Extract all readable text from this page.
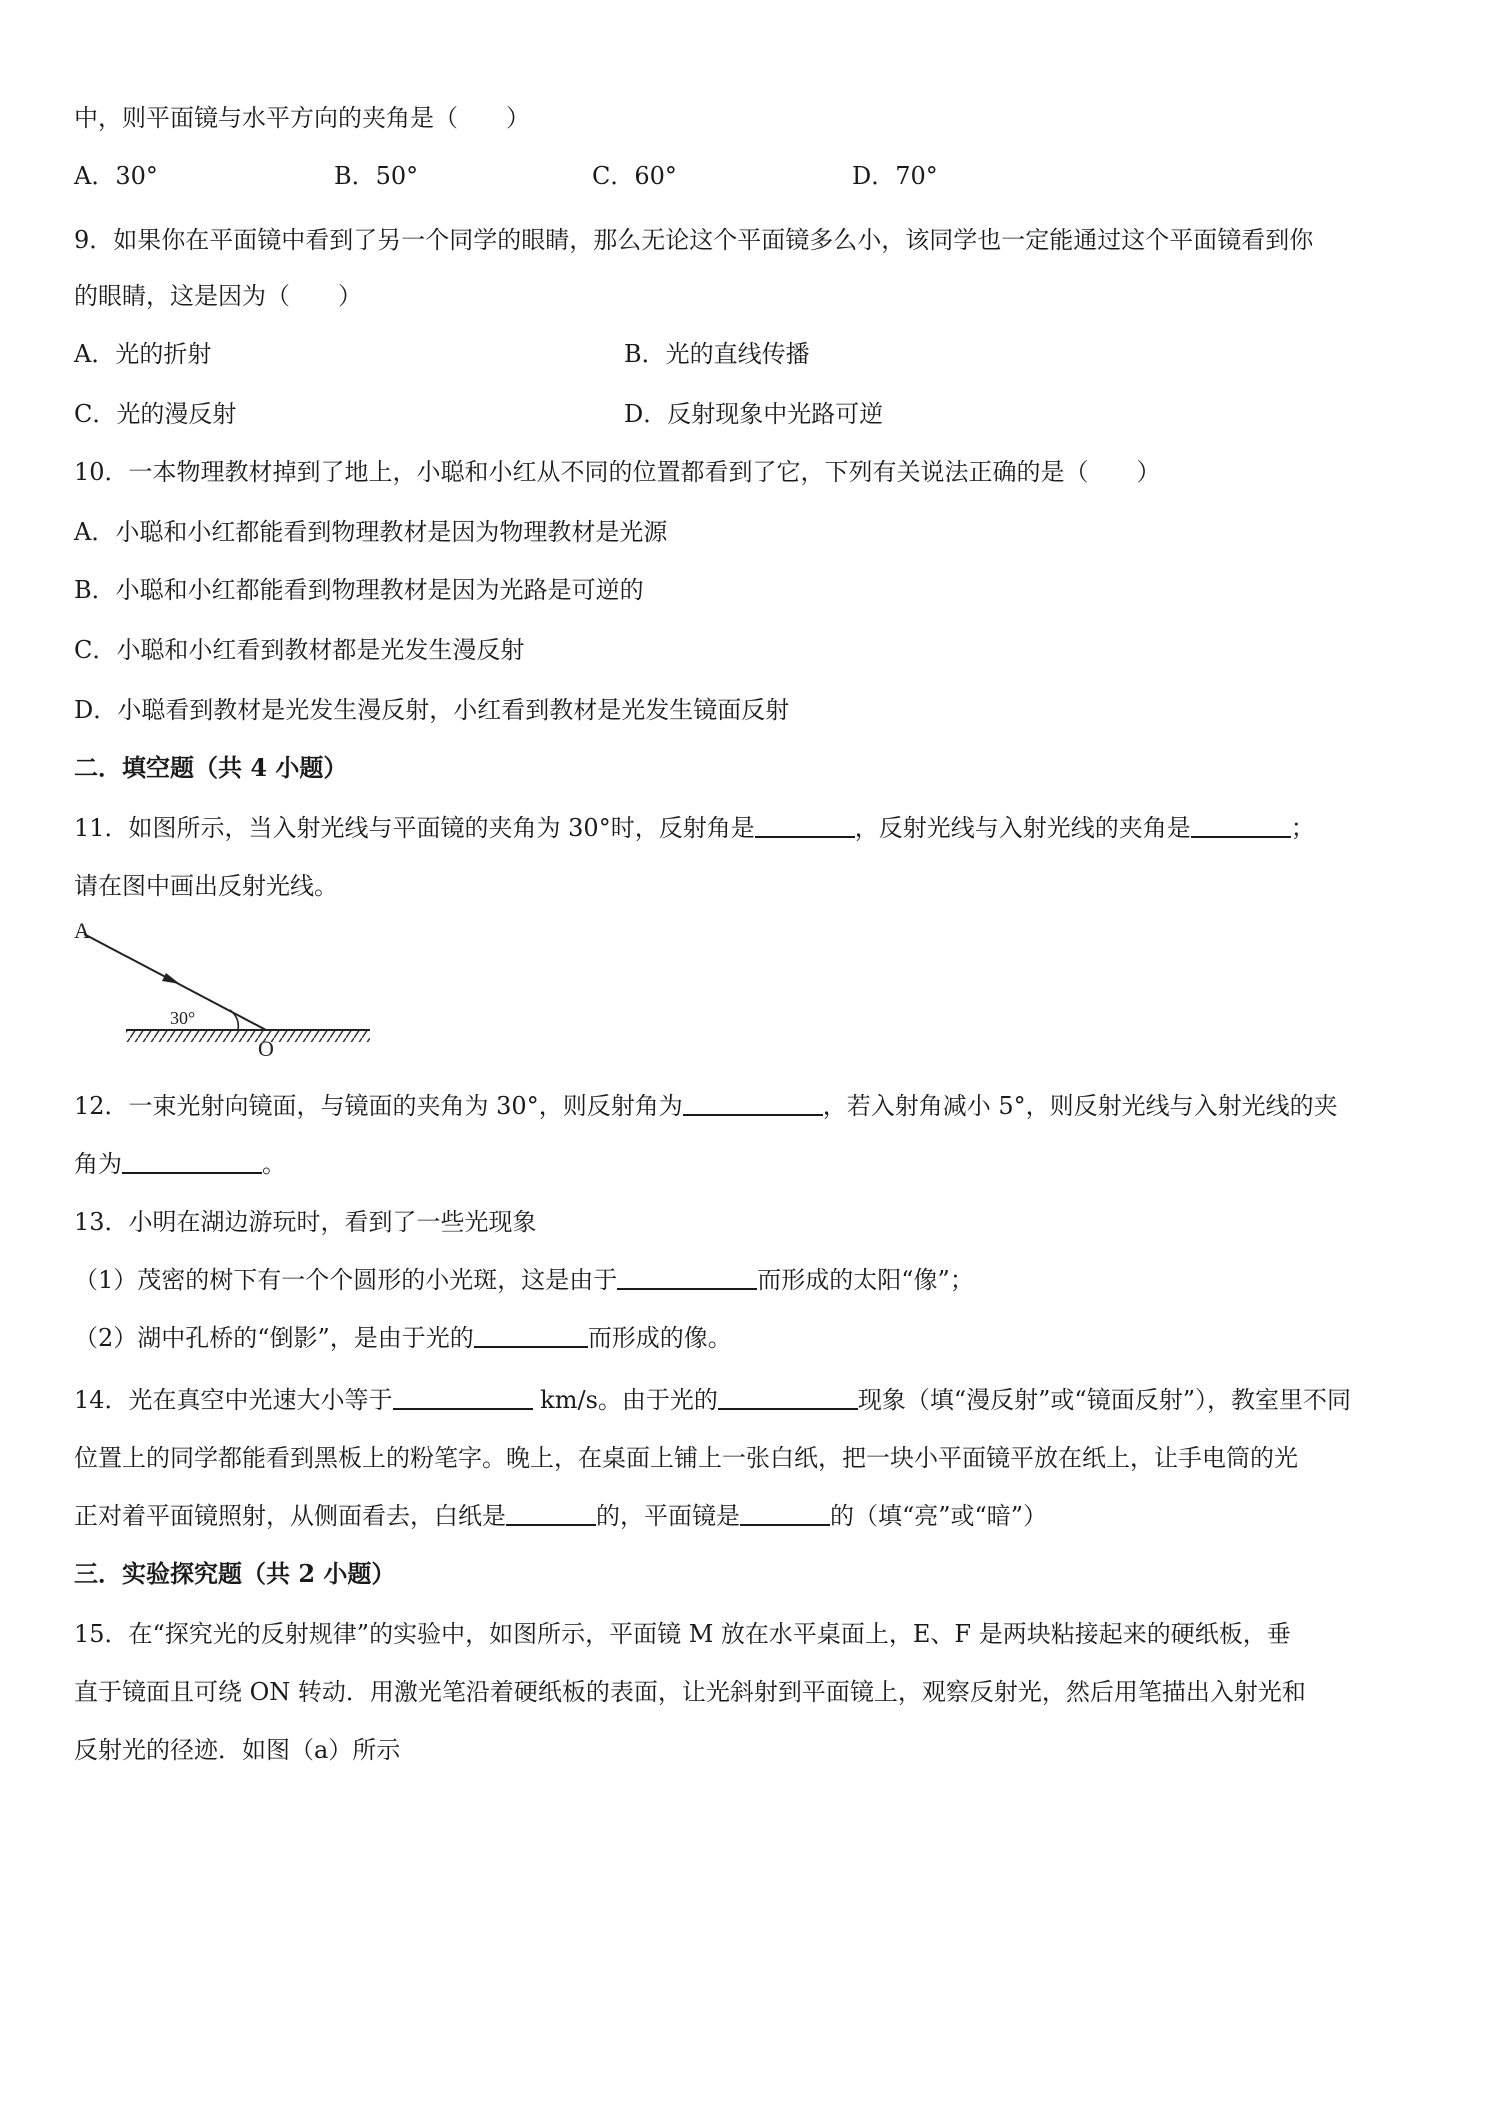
中，则平面镜与水平方向的夹角是（　　）
A．30°	B．50°	C．60°	D．70°
9．如果你在平面镜中看到了另一个同学的眼睛，那么无论这个平面镜多么小，该同学也一定能通过这个平面镜看到你
的眼睛，这是因为（　　）
A．光的折射	B．光的直线传播
C．光的漫反射	D．反射现象中光路可逆
10．一本物理教材掉到了地上，小聪和小红从不同的位置都看到了它，下列有关说法正确的是（　　）
A．小聪和小红都能看到物理教材是因为物理教材是光源
B．小聪和小红都能看到物理教材是因为光路是可逆的
C．小聪和小红看到教材都是光发生漫反射
D．小聪看到教材是光发生漫反射，小红看到教材是光发生镜面反射
二．填空题（共 4 小题）
11．如图所示，当入射光线与平面镜的夹角为 30°时，反射角是	，反射光线与入射光线的夹角是	；
请在图中画出反射光线。
A
30°
O
12．一束光射向镜面，与镜面的夹角为 30°，则反射角为	，若入射角减小 5°，则反射光线与入射光线的夹
角为	。
13．小明在湖边游玩时，看到了一些光现象
（1）茂密的树下有一个个圆形的小光斑，这是由于	而形成的太阳“像”；
（2）湖中孔桥的“倒影”，是由于光的	而形成的像。
14．光在真空中光速大小等于	km/s。由于光的	现象（填“漫反射”或“镜面反射”），教室里不同
位置上的同学都能看到黑板上的粉笔字。晚上，在桌面上铺上一张白纸，把一块小平面镜平放在纸上，让手电筒的光
正对着平面镜照射，从侧面看去，白纸是	的，平面镜是	的（填“亮”或“暗”）
三．实验探究题（共 2 小题）
15．在“探究光的反射规律”的实验中，如图所示，平面镜 M 放在水平桌面上，E、F 是两块粘接起来的硬纸板，垂
直于镜面且可绕 ON 转动．用激光笔沿着硬纸板的表面，让光斜射到平面镜上，观察反射光，然后用笔描出入射光和
反射光的径迹．如图（a）所示
